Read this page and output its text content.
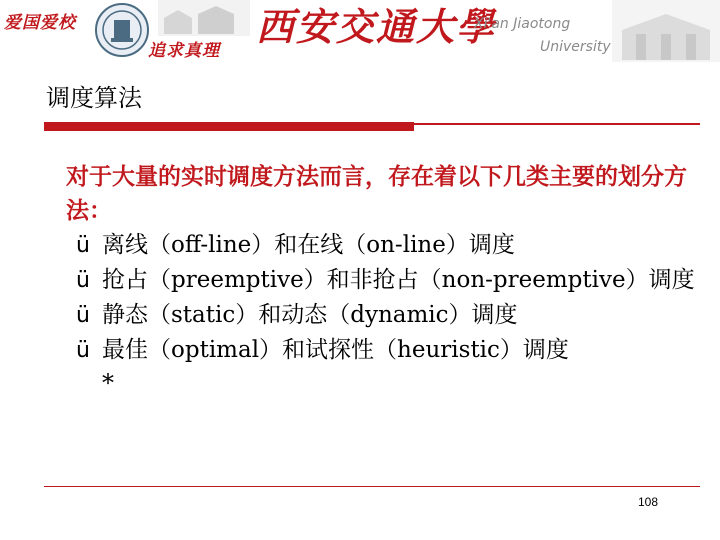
爱国爱校
追求真理
西安交通大學
Xi'an Jiaotong
University
调度算法

对于大量的实时调度方法而言，存在着以下几类主要的划分方法：

ü 离线（off-line）和在线（on-line）调度
ü 抢占（preemptive）和非抢占（non-preemptive）调度
ü 静态（static）和动态（dynamic）调度
ü 最佳（optimal）和试探性（heuristic）调度
*
108
